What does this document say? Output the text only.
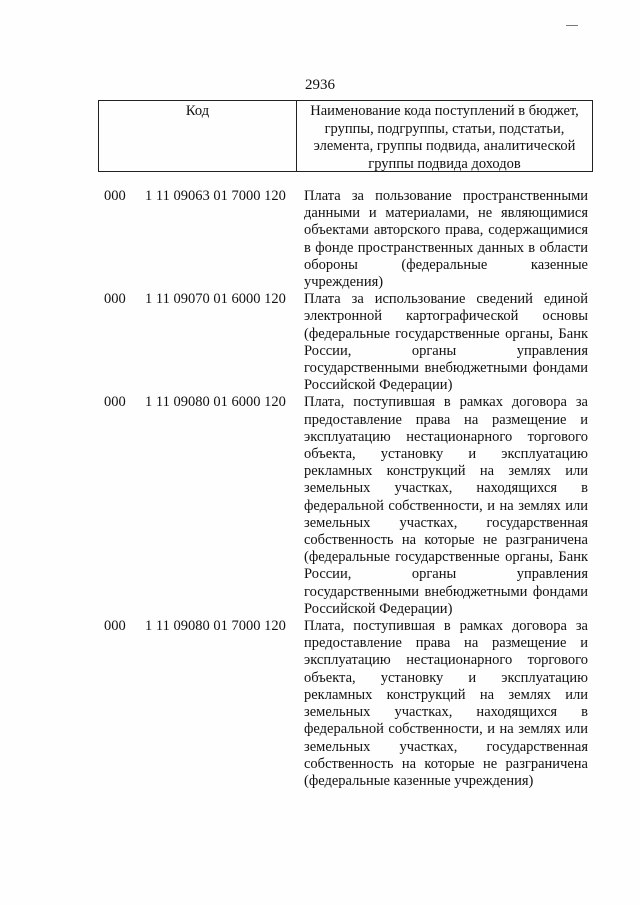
2936
Код	Наименование кода поступлений в бюджет, группы, подгруппы, статьи, подстатьи, элемента, группы подвида, аналитической группы подвида доходов
000 1 11 09063 01 7000 120 Плата за пользование пространственными данными и материалами, не являющимися объектами авторского права, содержащимися в фонде пространственных данных в области обороны (федеральные казенные учреждения)
000 1 11 09070 01 6000 120 Плата за использование сведений единой электронной картографической основы (федеральные государственные органы, Банк России, органы управления государственными внебюджетными фондами Российской Федерации)
000 1 11 09080 01 6000 120 Плата, поступившая в рамках договора за предоставление права на размещение и эксплуатацию нестационарного торгового объекта, установку и эксплуатацию рекламных конструкций на землях или земельных участках, находящихся в федеральной собственности, и на землях или земельных участках, государственная собственность на которые не разграничена (федеральные государственные органы, Банк России, органы управления государственными внебюджетными фондами Российской Федерации)
000 1 11 09080 01 7000 120 Плата, поступившая в рамках договора за предоставление права на размещение и эксплуатацию нестационарного торгового объекта, установку и эксплуатацию рекламных конструкций на землях или земельных участках, находящихся в федеральной собственности, и на землях или земельных участках, государственная собственность на которые не разграничена (федеральные казенные учреждения)
